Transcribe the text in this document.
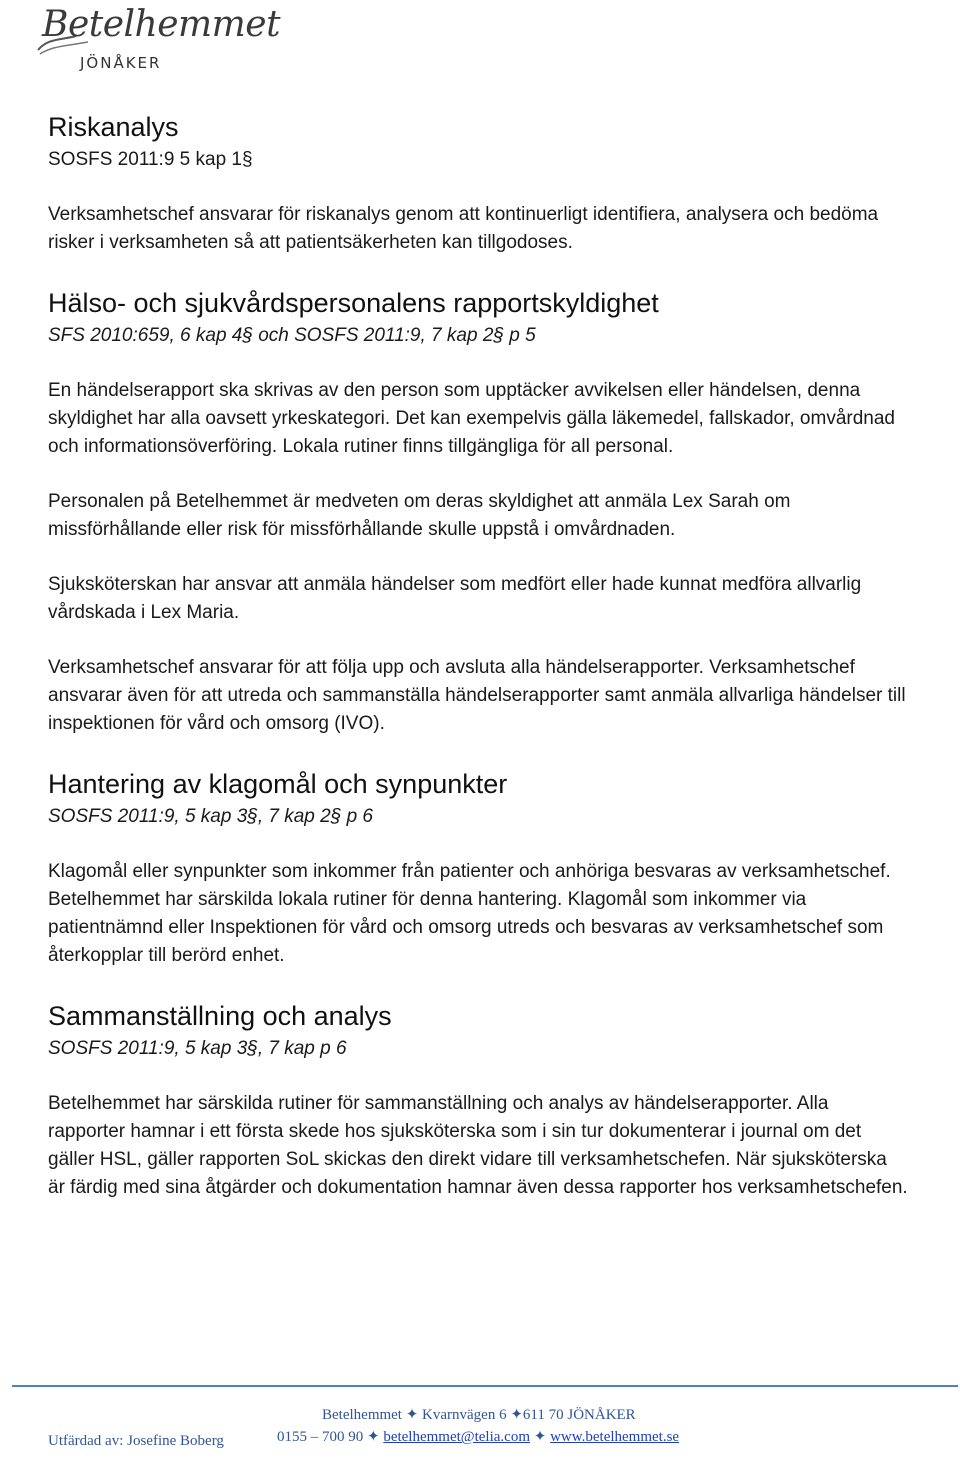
Betelhemmet
JÖNÅKER
Riskanalys

SOSFS 2011:9 5 kap 1§

Verksamhetschef ansvarar för riskanalys genom att kontinuerligt identifiera, analysera och bedöma risker i verksamheten så att patientsäkerheten kan tillgodoses.

Hälso- och sjukvårdspersonalens rapportskyldighet

SFS 2010:659, 6 kap 4§ och SOSFS 2011:9, 7 kap 2§ p 5

En händelserapport ska skrivas av den person som upptäcker avvikelsen eller händelsen, denna skyldighet har alla oavsett yrkeskategori. Det kan exempelvis gälla läkemedel, fallskador, omvårdnad och informationsöverföring. Lokala rutiner finns tillgängliga för all personal.

Personalen på Betelhemmet är medveten om deras skyldighet att anmäla Lex Sarah om missförhållande eller risk för missförhållande skulle uppstå i omvårdnaden.

Sjuksköterskan har ansvar att anmäla händelser som medfört eller hade kunnat medföra allvarlig vårdskada i Lex Maria.

Verksamhetschef ansvarar för att följa upp och avsluta alla händelserapporter. Verksamhetschef ansvarar även för att utreda och sammanställa händelserapporter samt anmäla allvarliga händelser till inspektionen för vård och omsorg (IVO).

Hantering av klagomål och synpunkter

SOSFS 2011:9, 5 kap 3§, 7 kap 2§ p 6

Klagomål eller synpunkter som inkommer från patienter och anhöriga besvaras av verksamhetschef. Betelhemmet har särskilda lokala rutiner för denna hantering. Klagomål som inkommer via patientnämnd eller Inspektionen för vård och omsorg utreds och besvaras av verksamhetschef som återkopplar till berörd enhet.

Sammanställning och analys

SOSFS 2011:9, 5 kap 3§, 7 kap p 6

Betelhemmet har särskilda rutiner för sammanställning och analys av händelserapporter. Alla rapporter hamnar i ett första skede hos sjuksköterska som i sin tur dokumenterar i journal om det gäller HSL, gäller rapporten SoL skickas den direkt vidare till verksamhetschefen. När sjuksköterska är färdig med sina åtgärder och dokumentation hamnar även dessa rapporter hos verksamhetschefen.

Betelhemmet ✦ Kvarnvägen 6 ✦611 70 JÖNÅKER
0155 – 700 90 ✦ betelhemmet@telia.com ✦ www.betelhemmet.se
Utfärdad av: Josefine Boberg
